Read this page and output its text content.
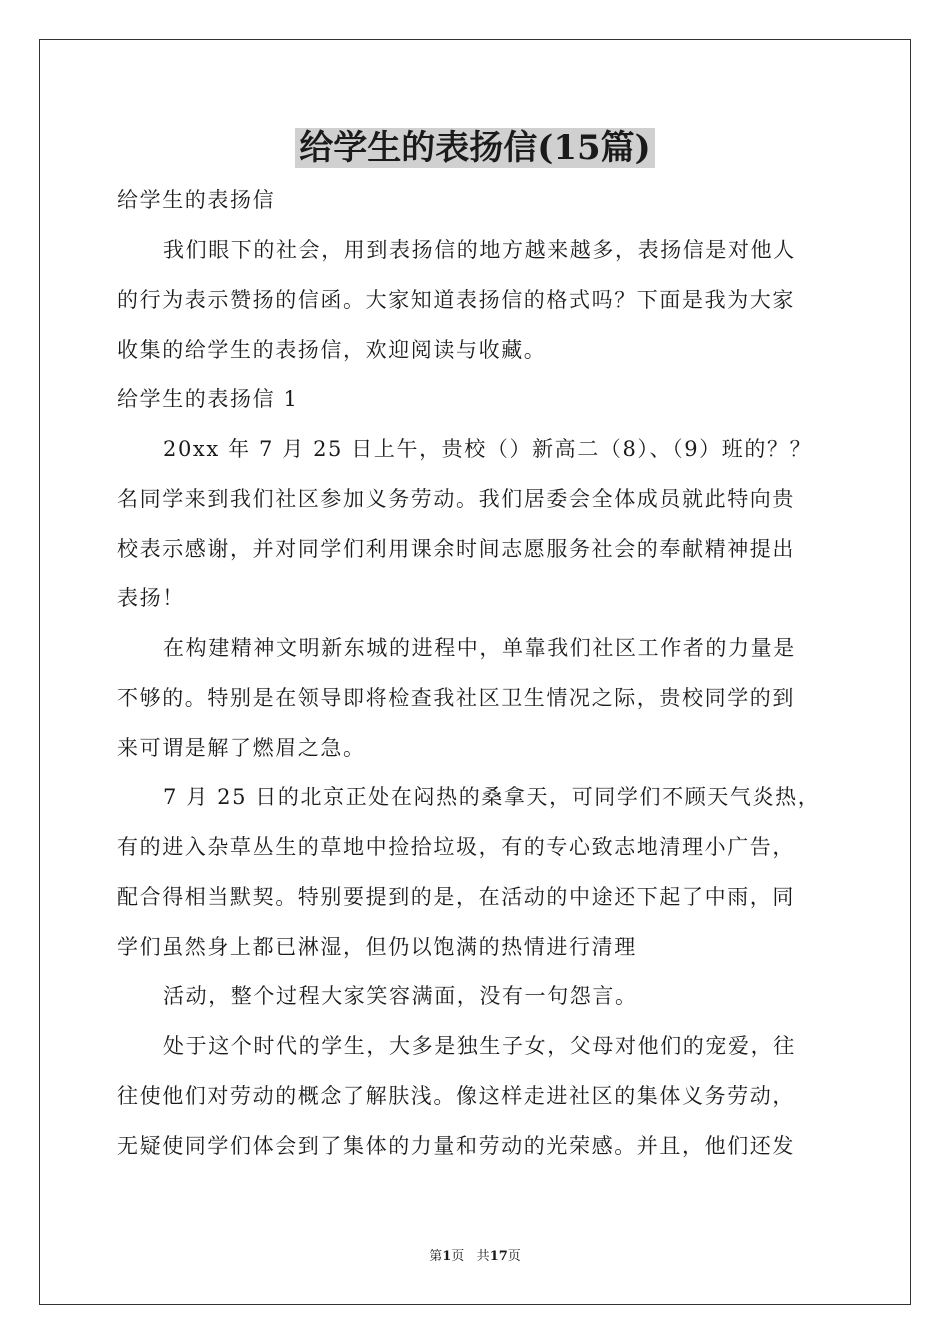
给学生的表扬信(15篇)
给学生的表扬信
我们眼下的社会，用到表扬信的地方越来越多，表扬信是对他人
的行为表示赞扬的信函。大家知道表扬信的格式吗？下面是我为大家
收集的给学生的表扬信，欢迎阅读与收藏。
给学生的表扬信 1
20xx 年 7 月 25 日上午，贵校（）新高二（8）、（9）班的？？
名同学来到我们社区参加义务劳动。我们居委会全体成员就此特向贵
校表示感谢，并对同学们利用课余时间志愿服务社会的奉献精神提出
表扬！
在构建精神文明新东城的进程中，单靠我们社区工作者的力量是
不够的。特别是在领导即将检查我社区卫生情况之际，贵校同学的到
来可谓是解了燃眉之急。
7 月 25 日的北京正处在闷热的桑拿天，可同学们不顾天气炎热，
有的进入杂草丛生的草地中捡拾垃圾，有的专心致志地清理小广告，
配合得相当默契。特别要提到的是，在活动的中途还下起了中雨，同
学们虽然身上都已淋湿，但仍以饱满的热情进行清理
活动，整个过程大家笑容满面，没有一句怨言。
处于这个时代的学生，大多是独生子女，父母对他们的宠爱，往
往使他们对劳动的概念了解肤浅。像这样走进社区的集体义务劳动，
无疑使同学们体会到了集体的力量和劳动的光荣感。并且，他们还发
第1页 共17页
